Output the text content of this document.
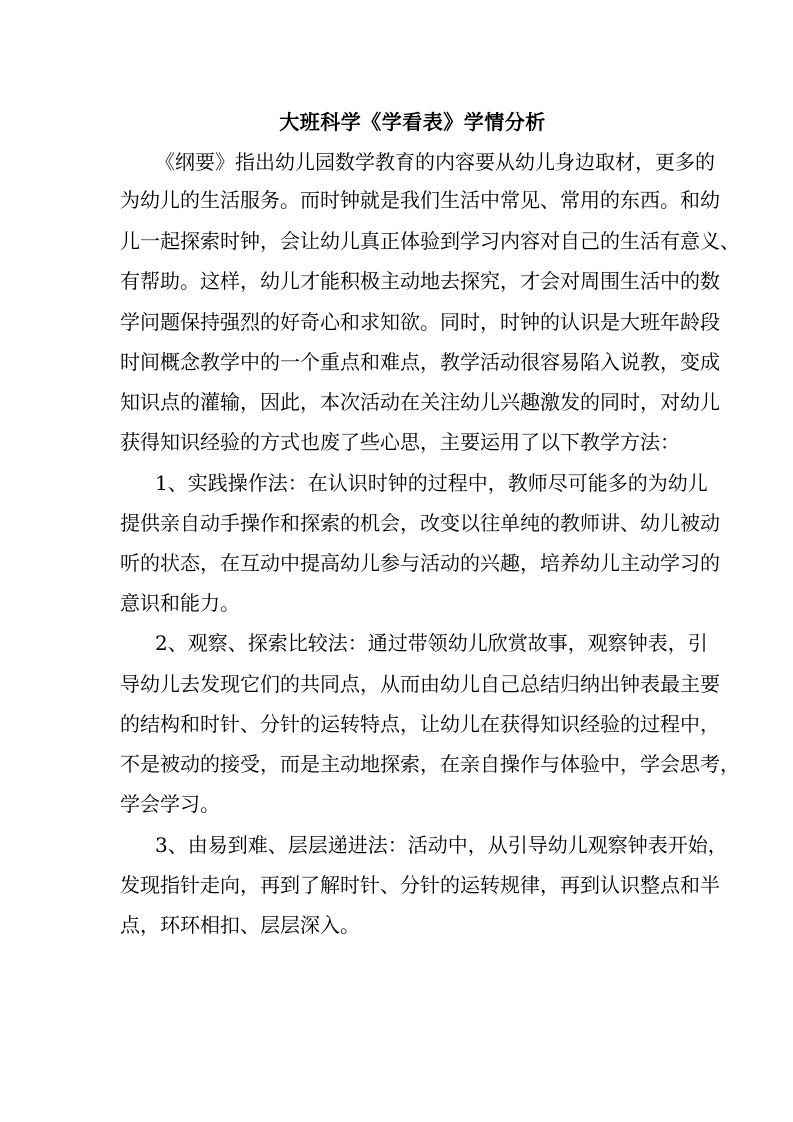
大班科学《学看表》学情分析
《纲要》指出幼儿园数学教育的内容要从幼儿身边取材，更多的
为幼儿的生活服务。而时钟就是我们生活中常见、常用的东西。和幼
儿一起探索时钟，会让幼儿真正体验到学习内容对自己的生活有意义、
有帮助。这样，幼儿才能积极主动地去探究，才会对周围生活中的数
学问题保持强烈的好奇心和求知欲。同时，时钟的认识是大班年龄段
时间概念教学中的一个重点和难点，教学活动很容易陷入说教，变成
知识点的灌输，因此，本次活动在关注幼儿兴趣激发的同时，对幼儿
获得知识经验的方式也废了些心思，主要运用了以下教学方法：
1、实践操作法：在认识时钟的过程中，教师尽可能多的为幼儿
提供亲自动手操作和探索的机会，改变以往单纯的教师讲、幼儿被动
听的状态，在互动中提高幼儿参与活动的兴趣，培养幼儿主动学习的
意识和能力。
2、观察、探索比较法：通过带领幼儿欣赏故事，观察钟表，引
导幼儿去发现它们的共同点，从而由幼儿自己总结归纳出钟表最主要
的结构和时针、分针的运转特点，让幼儿在获得知识经验的过程中，
不是被动的接受，而是主动地探索，在亲自操作与体验中，学会思考，
学会学习。
3、由易到难、层层递进法：活动中，从引导幼儿观察钟表开始，
发现指针走向，再到了解时针、分针的运转规律，再到认识整点和半
点，环环相扣、层层深入。
